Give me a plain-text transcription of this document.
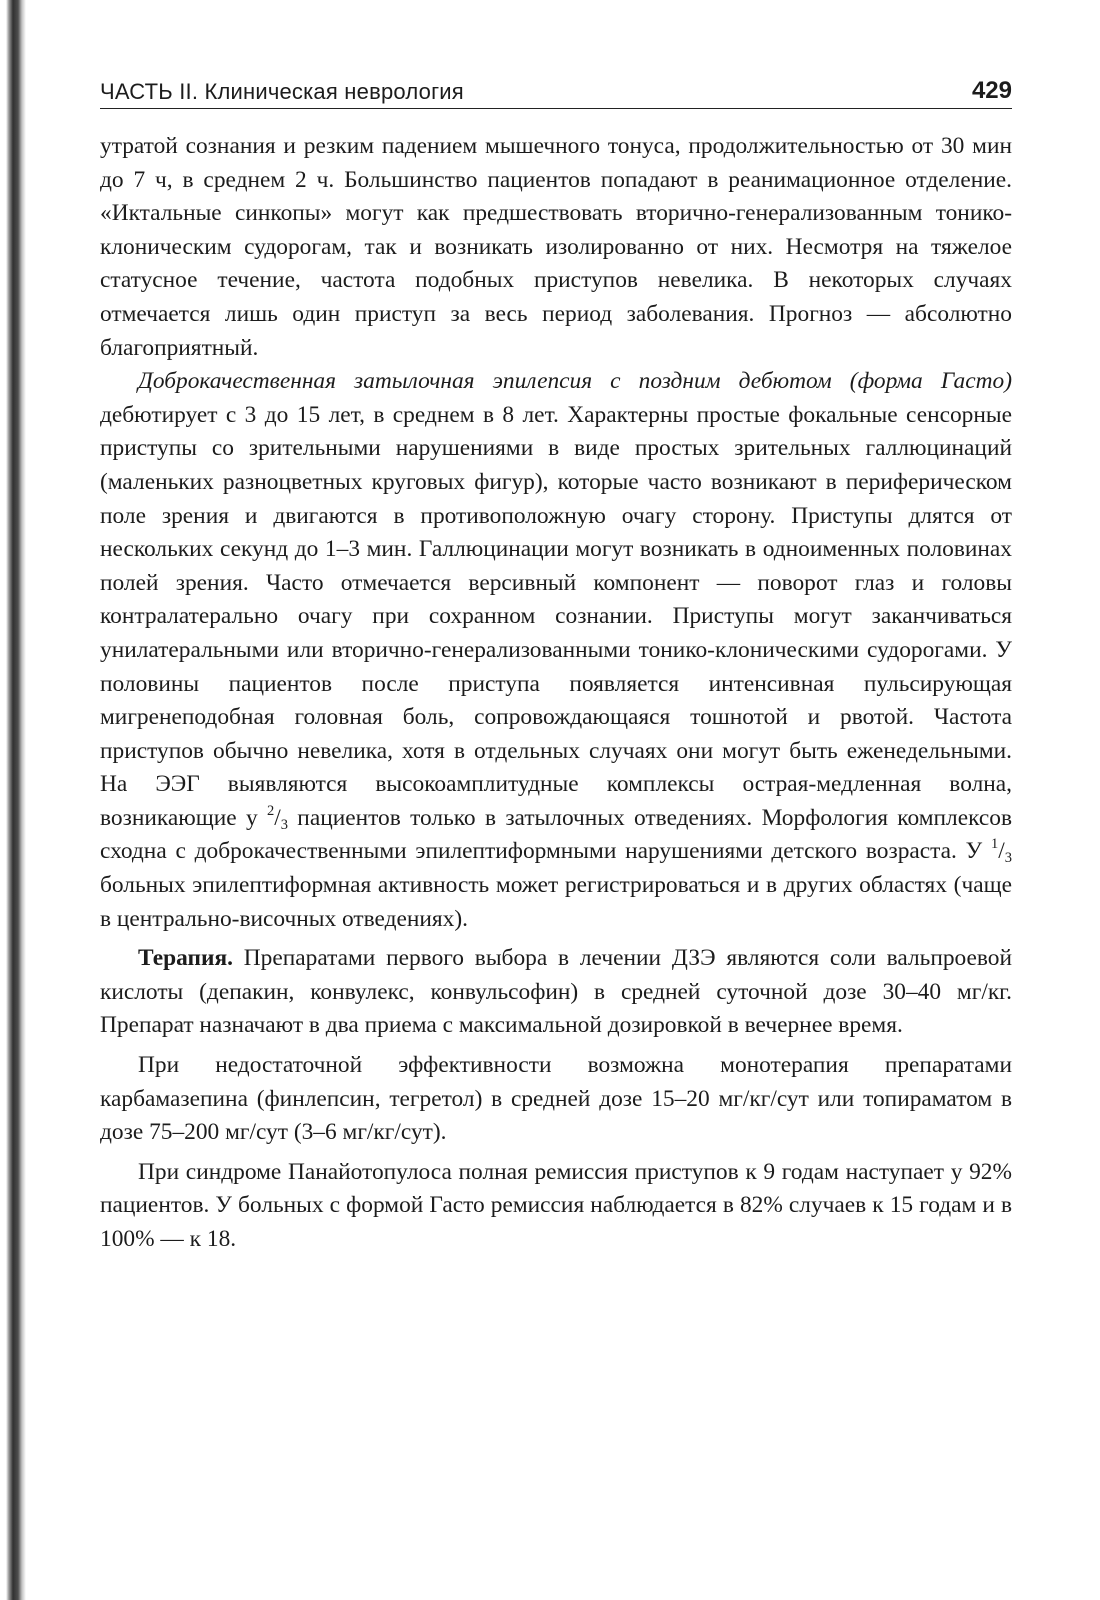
ЧАСТЬ II. Клиническая неврология	429

утратой сознания и резким падением мышечного тонуса, продолжительностью от 30 мин до 7 ч, в среднем 2 ч. Большинство пациентов попадают в реанимационное отделение. «Иктальные синкопы» могут как предшествовать вторично-генерализованным тонико-клоническим судорогам, так и возникать изолированно от них. Несмотря на тяжелое статусное течение, частота подобных приступов невелика. В некоторых случаях отмечается лишь один приступ за весь период заболевания. Прогноз — абсолютно благоприятный.

Доброкачественная затылочная эпилепсия с поздним дебютом (форма Гасто) дебютирует с 3 до 15 лет, в среднем в 8 лет. Характерны простые фокальные сенсорные приступы со зрительными нарушениями в виде простых зрительных галлюцинаций (маленьких разноцветных круговых фигур), которые часто возникают в периферическом поле зрения и двигаются в противоположную очагу сторону. Приступы длятся от нескольких секунд до 1–3 мин. Галлюцинации могут возникать в одноименных половинах полей зрения. Часто отмечается версивный компонент — поворот глаз и головы контралатерально очагу при сохранном сознании. Приступы могут заканчиваться унилатеральными или вторично-генерализованными тонико-клоническими судорогами. У половины пациентов после приступа появляется интенсивная пульсирующая мигренеподобная головная боль, сопровождающаяся тошнотой и рвотой. Частота приступов обычно невелика, хотя в отдельных случаях они могут быть еженедельными. На ЭЭГ выявляются высокоамплитудные комплексы острая-медленная волна, возникающие у $^2/_3$ пациентов только в затылочных отведениях. Морфология комплексов сходна с доброкачественными эпилептиформными нарушениями детского возраста. У $^1/_3$ больных эпилептиформная активность может регистрироваться и в других областях (чаще в центрально-височных отведениях).

Терапия. Препаратами первого выбора в лечении ДЗЭ являются соли вальпроевой кислоты (депакин, конвулекс, конвульсофин) в средней суточной дозе 30–40 мг/кг. Препарат назначают в два приема с максимальной дозировкой в вечернее время.

При недостаточной эффективности возможна монотерапия препаратами карбамазепина (финлепсин, тегретол) в средней дозе 15–20 мг/кг/сут или топираматом в дозе 75–200 мг/сут (3–6 мг/кг/сут).

При синдроме Панайотопулоса полная ремиссия приступов к 9 годам наступает у 92% пациентов. У больных с формой Гасто ремиссия наблюдается в 82% случаев к 15 годам и в 100% — к 18.
